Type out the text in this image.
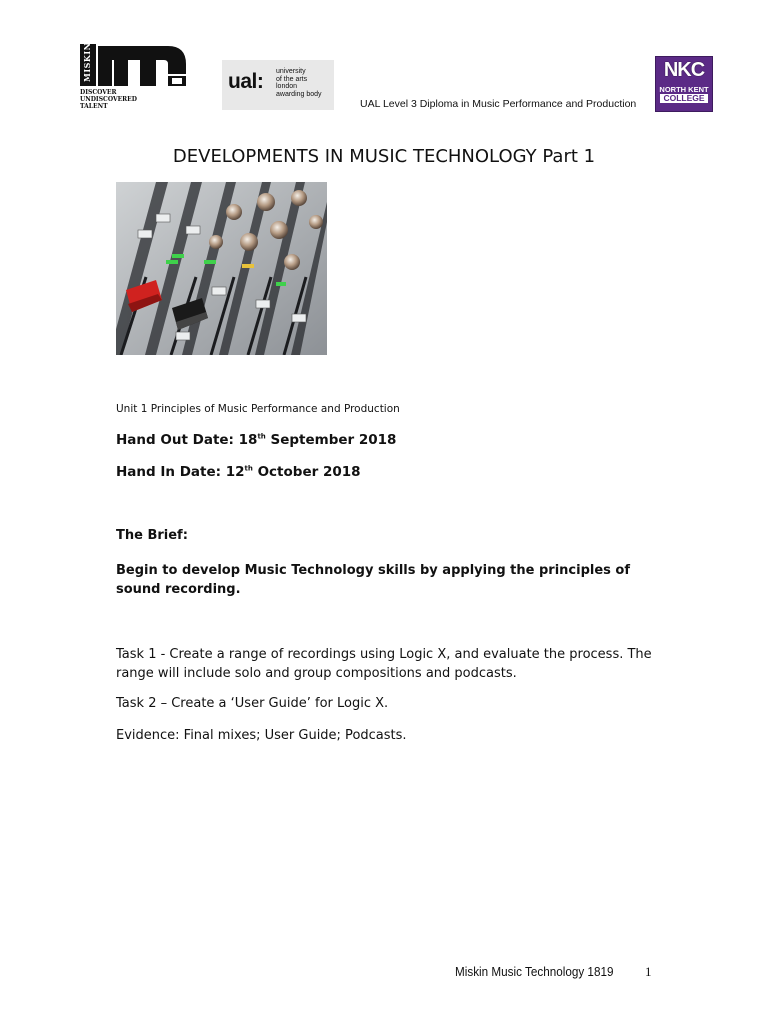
MISKIN
DISCOVER
UNDISCOVERED
TALENT
ual: university
of the arts
london
awarding body
UAL Level 3 Diploma in Music Performance and Production
NKC
NORTH KENT
COLLEGE
DEVELOPMENTS IN MUSIC TECHNOLOGY Part 1
Unit 1 Principles of Music Performance and Production
Hand Out Date: 18th September 2018
Hand In Date: 12th October 2018
The Brief:
Begin to develop Music Technology skills by applying the principles of sound recording.
Task 1 - Create a range of recordings using Logic X, and evaluate the process. The range will include solo and group compositions and podcasts.
Task 2 – Create a ‘User Guide’ for Logic X.
Evidence: Final mixes; User Guide; Podcasts.
Miskin Music Technology 1819 1
